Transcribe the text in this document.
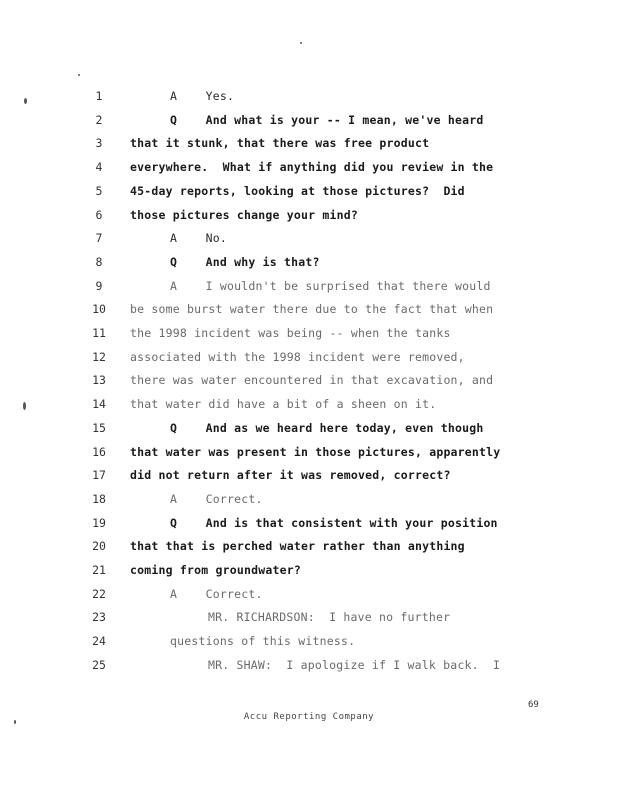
1	A    Yes.
2	Q    And what is your -- I mean, we've heard
3	that it stunk, that there was free product
4	everywhere.  What if anything did you review in the
5	45-day reports, looking at those pictures?  Did
6	those pictures change your mind?
7	A    No.
8	Q    And why is that?
9	A    I wouldn't be surprised that there would
10	be some burst water there due to the fact that when
11	the 1998 incident was being -- when the tanks
12	associated with the 1998 incident were removed,
13	there was water encountered in that excavation, and
14	that water did have a bit of a sheen on it.
15	Q    And as we heard here today, even though
16	that water was present in those pictures, apparently
17	did not return after it was removed, correct?
18	A    Correct.
19	Q    And is that consistent with your position
20	that that is perched water rather than anything
21	coming from groundwater?
22	A    Correct.
23	MR. RICHARDSON:  I have no further
24	questions of this witness.
25	MR. SHAW:  I apologize if I walk back.  I
69
Accu Reporting Company
